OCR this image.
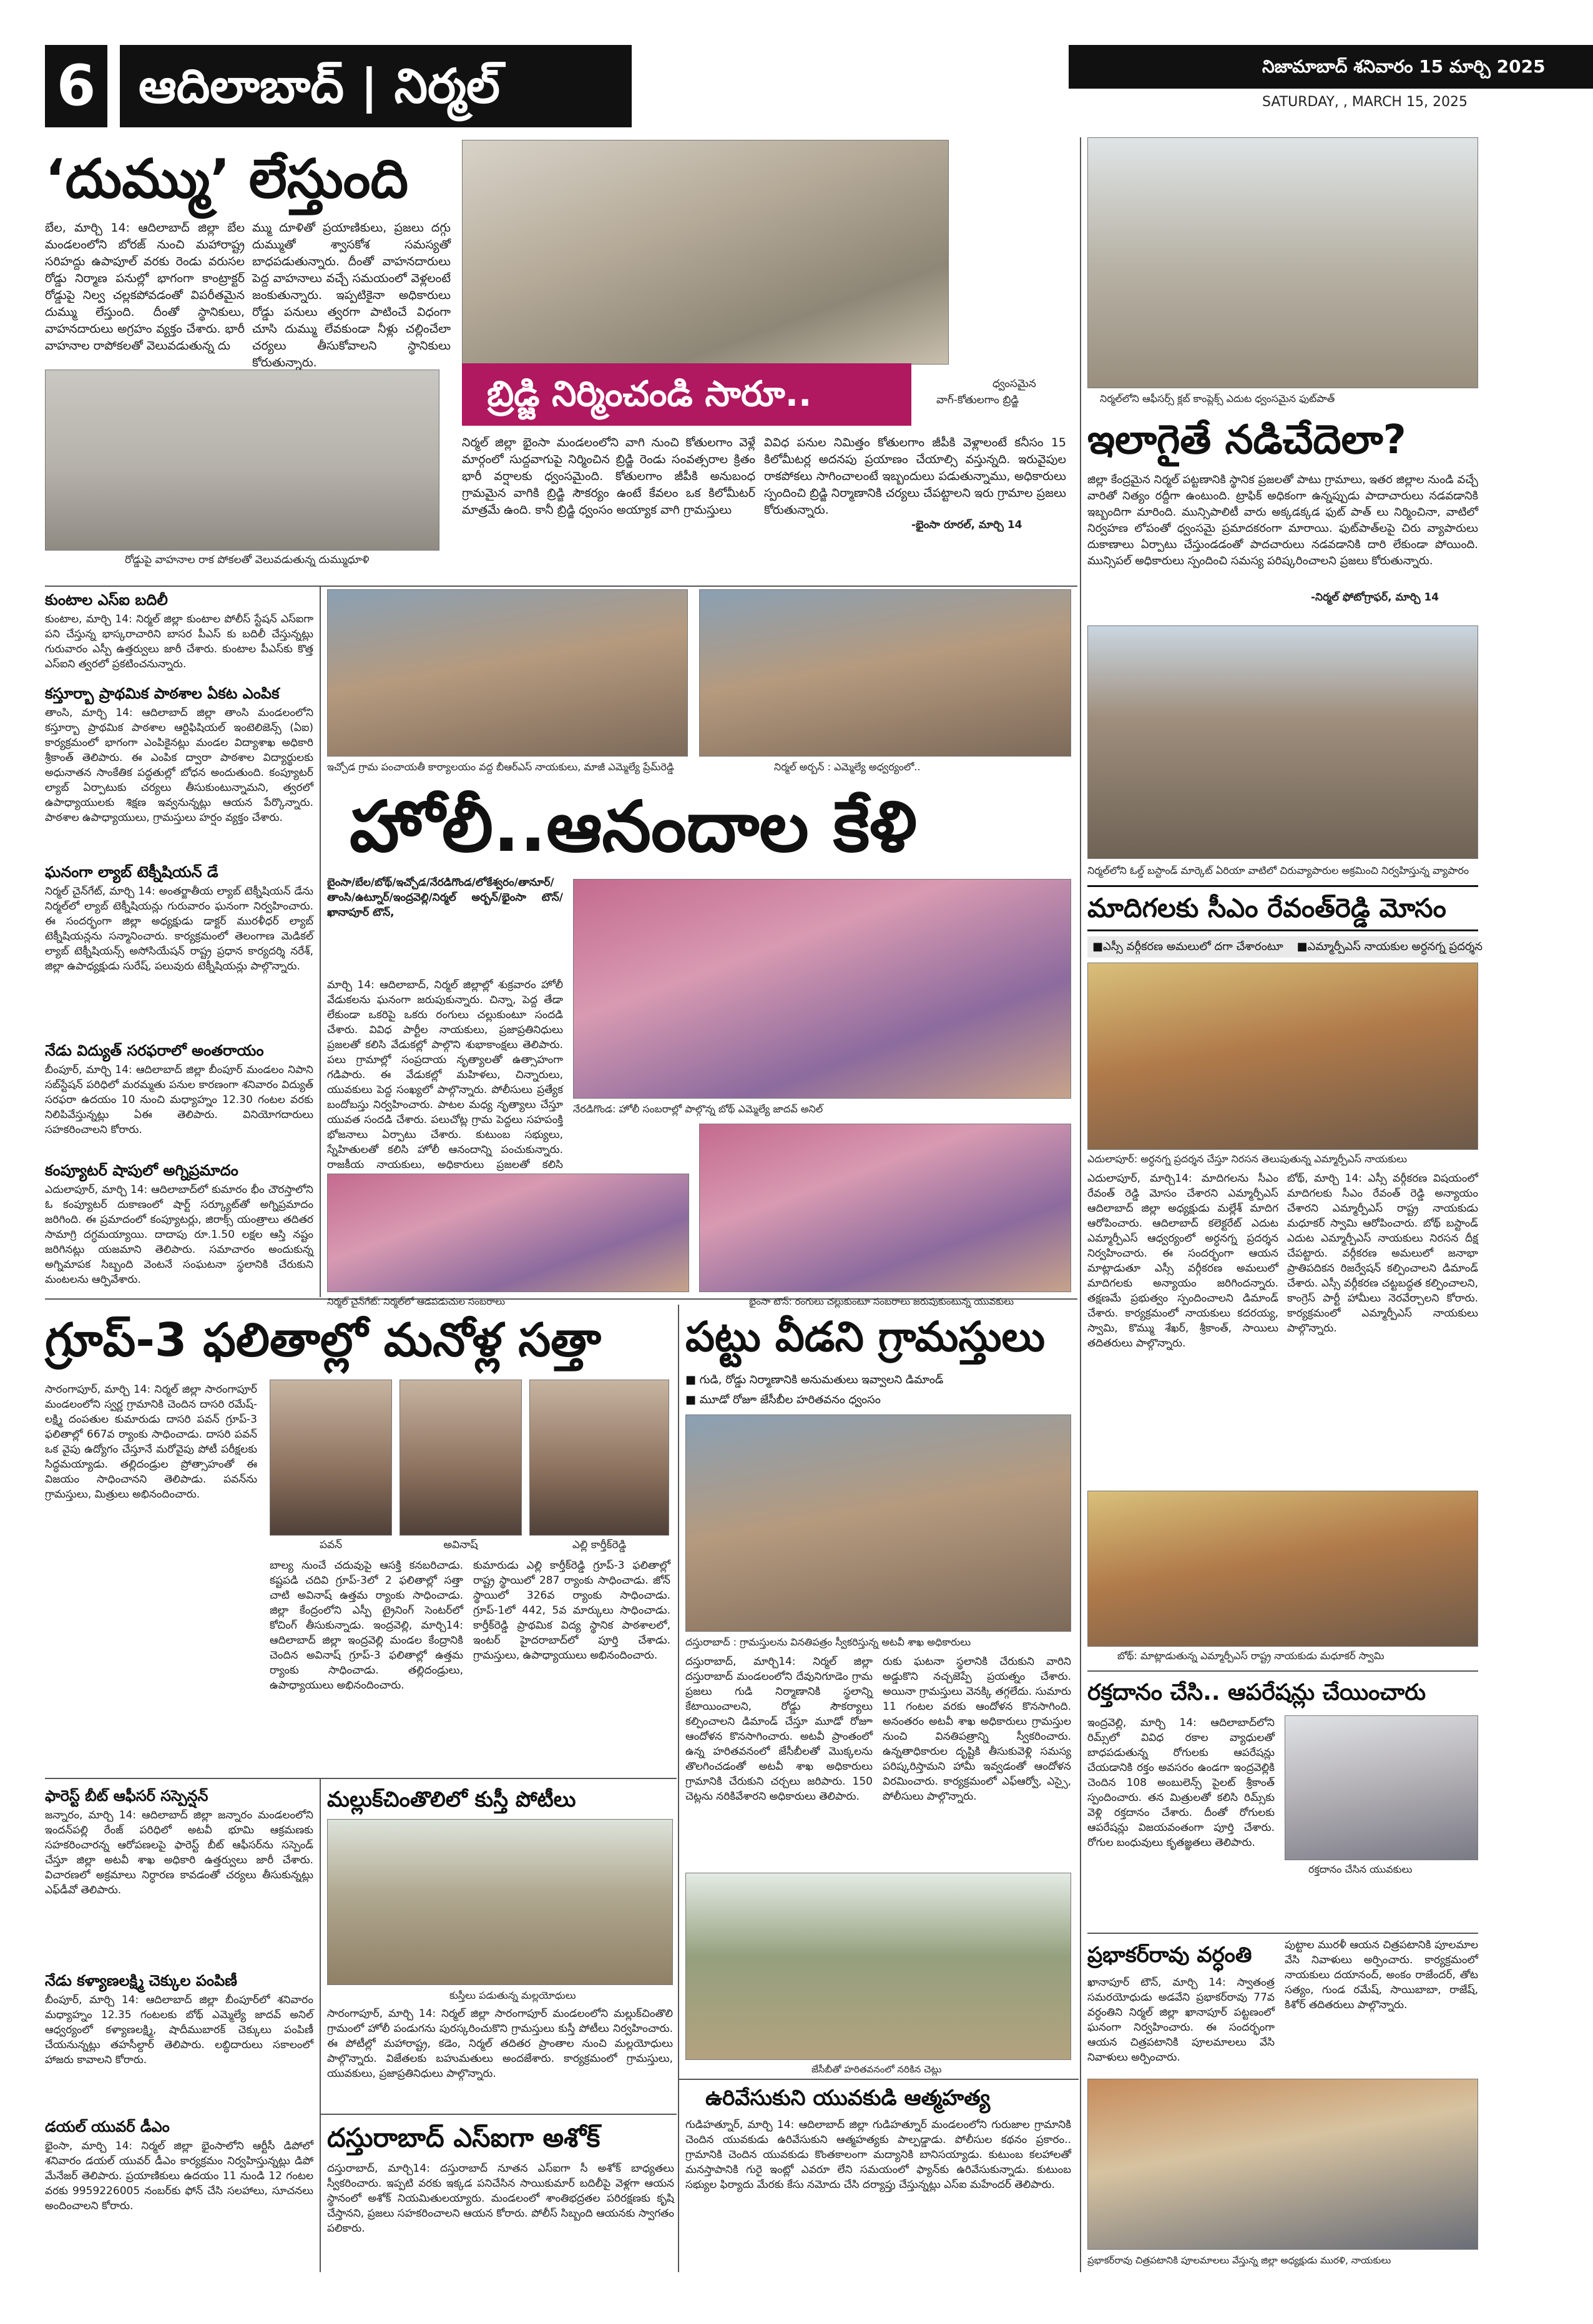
6 ఆదిలాబాద్ | నిర్మల్	నిజామాబాద్ శనివారం 15 మార్చి 2025
SATURDAY, , MARCH 15, 2025
‘దుమ్ము’ లేస్తుంది
బేల, మార్చి 14: ఆదిలాబాద్ జిల్లా బేల మండలంలోని బోరజ్ నుంచి మహారాష్ట్ర సరిహద్దు ఉపాపూల్ వరకు రెండు వరుసల రోడ్డు నిర్మాణ పనుల్లో భాగంగా కాంట్రాక్టర్ రోడ్డుపై నిల్వ చల్లకపోవడంతో విపరీతమైన దుమ్ము లేస్తుంది. దీంతో స్థానికులు, వాహనదారులు అగ్రహం వ్యక్తం చేశారు. భారీ వాహనాల రాపోకలతో వెలువడుతున్న దు
మ్ము దూళితో ప్రయాణికులు, ప్రజలు దగ్గు దుమ్ముతో శ్వాసకోశ సమస్యతో బాధపడుతున్నారు. దీంతో వాహనదారులు పెద్ద వాహనాలు వచ్చే సమయంలో వెళ్లలంటే జంకుతున్నారు. ఇప్పటికైనా అధికారులు రోడ్డు పనులు త్వరగా పాటించే విధంగా చూసి దుమ్ము లేవకుండా నీళ్లు చల్లించేలా చర్యలు తీసుకోవాలని స్థానికులు కోరుతున్నారు.
రోడ్డుపై వాహనాల రాక పోకలతో వెలువడుతున్న దుమ్ముధూళి
బ్రిడ్జి నిర్మించండి సారూ..	ధ్వంసమైన
వాగ్-కోతులగాం బ్రిడ్జి
నిర్మల్ జిల్లా భైంసా మండలంలోని వాగి నుంచి కోతులగాం వెళ్లే మార్గంలో సుద్దవాగుపై నిర్మించిన బ్రిడ్జి రెండు సంవత్సరాల క్రితం భారీ వర్షాలకు ధ్వంసమైంది. కోతులగాం జీపీకి అనుబంధ గ్రామమైన వాగికి బ్రిడ్జి సౌకర్యం ఉంటే కేవలం ఒక కిలోమీటర్ మాత్రమే ఉంది. కానీ బ్రిడ్జి ధ్వంసం అయ్యాక వాగి గ్రామస్తులు
వివిధ పనుల నిమిత్తం కోతులగాం జీపీకి వెళ్లాలంటే కనీసం 15 కిలోమీటర్ల అదనపు ప్రయాణం చేయాల్సి వస్తున్నది. ఇరువైపుల రాకపోకలు సాగించాలంటే ఇబ్బందులు పడుతున్నాము, అధికారులు స్పందించి బ్రిడ్జి నిర్మాణానికి చర్యలు చేపట్టాలని ఇరు గ్రామాల ప్రజలు కోరుతున్నారు.
-భైంసా రూరల్, మార్చి 14
నిర్మల్‌లోని ఆఫీసర్స్ క్లబ్ కాంప్లెక్స్ ఎదుట ధ్వంసమైన ఫుట్‌పాత్
ఇలాగైతే నడిచేదెలా?
జిల్లా కేంద్రమైన నిర్మల్ పట్టణానికి స్థానిక ప్రజలతో పాటు గ్రామాలు, ఇతర జిల్లాల నుండి వచ్చే వారితో నిత్యం రద్దీగా ఉంటుంది. ట్రాఫిక్ అధికంగా ఉన్నప్పుడు పాదాచారులు నడవడానికి ఇబ్బందిగా మారింది. మున్సిపాలిటీ వారు అక్కడక్కడ ఫుట్ పాత్ లు నిర్మించినా, వాటిలో నిర్వహణ లోపంతో ధ్వంసమై ప్రమాదకరంగా మారాయి. ఫుట్‌పాత్‌లపై చిరు వ్యాపారులు దుకాణాలు ఏర్పాటు చేస్తుండడంతో పాదచారులు నడవడానికి దారి లేకుండా పోయింది. మున్సిపల్ అధికారులు స్పందించి సమస్య పరిష్కరించాలని ప్రజలు కోరుతున్నారు.
-నిర్మల్ ఫోటోగ్రాఫర్, మార్చి 14
నిర్మల్‌లోని ఓల్డ్ బస్టాండ్ మార్కెట్ ఏరియా వాటిలో చిరువ్యాపారుల అక్రమించి నిర్వహిస్తున్న వ్యాపారం
కుంటాల ఎస్ఐ బదిలీ
కుంటాల, మార్చి 14: నిర్మల్ జిల్లా కుంటాల పోలీస్ స్టేషన్ ఎస్ఐగా పని చేస్తున్న భాస్కరాచారిని బాసర పీఎస్ కు బదిలీ చేస్తున్నట్లు గురువారం ఎస్పీ ఉత్తర్వులు జారీ చేశారు. కుంటాల పీఎస్‌కు కొత్త ఎస్ఐని త్వరలో ప్రకటించనున్నారు.
కస్తూర్బా ప్రాథమిక పాఠశాల ఏకట ఎంపిక
తాంసి, మార్చి 14: ఆదిలాబాద్ జిల్లా తాంసి మండలంలోని కస్తూర్బా ప్రాథమిక పాఠశాల ఆర్టిఫిషియల్ ఇంటెలిజెన్స్ (ఏఐ) కార్యక్రమంలో భాగంగా ఎంపికైనట్లు మండల విద్యాశాఖ అధికారి శ్రీకాంత్ తెలిపారు. ఈ ఎంపిక ద్వారా పాఠశాల విద్యార్థులకు అధునాతన సాంకేతిక పద్ధతుల్లో బోధన అందుతుంది. కంప్యూటర్ ల్యాబ్ ఏర్పాటుకు చర్యలు తీసుకుంటున్నామని, త్వరలో ఉపాధ్యాయులకు శిక్షణ ఇవ్వనున్నట్లు ఆయన పేర్కొన్నారు. పాఠశాల ఉపాధ్యాయులు, గ్రామస్తులు హర్షం వ్యక్తం చేశారు.
ఘనంగా ల్యాబ్ టెక్నీషియన్ డే
నిర్మల్ చైన్‌గేట్, మార్చి 14: అంతర్జాతీయ ల్యాబ్ టెక్నీషియన్ డేను నిర్మల్‌లో ల్యాబ్ టెక్నీషియన్లు గురువారం ఘనంగా నిర్వహించారు. ఈ సందర్భంగా జిల్లా అధ్యక్షుడు డాక్టర్ మురళీధర్ ల్యాబ్ టెక్నీషియన్లను సన్మానించారు. కార్యక్రమంలో తెలంగాణ మెడికల్ ల్యాబ్ టెక్నీషియన్స్ అసోసియేషన్ రాష్ట్ర ప్రధాన కార్యదర్శి నరేశ్, జిల్లా ఉపాధ్యక్షుడు సురేష్, పలువురు టెక్నీషియన్లు పాల్గొన్నారు.
నేడు విద్యుత్ సరఫరాలో అంతరాయం
బీంపూర్, మార్చి 14: ఆదిలాబాద్ జిల్లా బీంపూర్ మండలం నిపాని సబ్‌స్టేషన్ పరిధిలో మరమ్మతు పనుల కారణంగా శనివారం విద్యుత్ సరఫరా ఉదయం 10 నుంచి మధ్యాహ్నం 12.30 గంటల వరకు నిలిపివేస్తున్నట్లు ఏఈ తెలిపారు. వినియోగదారులు సహకరించాలని కోరారు.
కంప్యూటర్ షాపులో అగ్నిప్రమాదం
ఎదులాపూర్, మార్చి 14: ఆదిలాబాద్‌లో కుమారం భీం చౌరస్తాలోని ఓ కంప్యూటర్ దుకాణంలో షార్ట్ సర్క్యూట్‌తో అగ్నిప్రమాదం జరిగింది. ఈ ప్రమాదంలో కంప్యూటర్లు, జిరాక్స్ యంత్రాలు తదితర సామాగ్రి దగ్ధమయ్యాయి. దాదాపు రూ.1.50 లక్షల ఆస్తి నష్టం జరిగినట్లు యజమాని తెలిపారు. సమాచారం అందుకున్న అగ్నిమాపక సిబ్బంది వెంటనే సంఘటనా స్థలానికి చేరుకుని మంటలను ఆర్పివేశారు.
ఇచ్చోడ గ్రామ పంచాయతీ కార్యాలయం వద్ద బీఆర్ఎస్ నాయకులు, మాజీ ఎమ్మెల్యే ప్రేమ్‌రెడ్డి	నిర్మల్ అర్బన్ : ఎమ్మెల్యే అధ్వర్యంలో..
హోలీ..ఆనందాల కేళి
బైంసా/బేల/బోథ్/ఇచ్చోడ/నేరడిగొండ/లోకేశ్వరం/తానూర్/తాంసి/ఉట్నూర్/ఇంద్రవెల్లి/నిర్మల్ అర్బన్/భైంసా టౌన్/ఖానాపూర్ టౌన్,
మార్చి 14: ఆదిలాబాద్, నిర్మల్ జిల్లాల్లో శుక్రవారం హోలీ వేడుకలను ఘనంగా జరుపుకున్నారు. చిన్నా, పెద్ద తేడా లేకుండా ఒకరిపై ఒకరు రంగులు చల్లుకుంటూ సందడి చేశారు. వివిధ పార్టీల నాయకులు, ప్రజాప్రతినిధులు ప్రజలతో కలిసి వేడుకల్లో పాల్గొని శుభాకాంక్షలు తెలిపారు. పలు గ్రామాల్లో సంప్రదాయ నృత్యాలతో ఉత్సాహంగా గడిపారు. ఈ వేడుకల్లో మహిళలు, చిన్నారులు, యువకులు పెద్ద సంఖ్యలో పాల్గొన్నారు. పోలీసులు ప్రత్యేక బందోబస్తు నిర్వహించారు. పాటల మధ్య నృత్యాలు చేస్తూ యువత సందడి చేశారు. పలుచోట్ల గ్రామ పెద్దలు సహపంక్తి భోజనాలు ఏర్పాటు చేశారు. కుటుంబ సభ్యులు, స్నేహితులతో కలిసి హోలీ ఆనందాన్ని పంచుకున్నారు. రాజకీయ నాయకులు, అధికారులు ప్రజలతో కలిసి
నేరడిగొండ: హోలీ సంబరాల్లో పాల్గొన్న బోథ్ ఎమ్మెల్యే జాదవ్ అనిల్
నిర్మల్ చైన్‌గేట్: నిర్మల్‌లో ఆడపడుచుల సంబరాలు	భైంసా టౌన్: రంగులు చల్లుకుంటూ సంబరాలు జరుపుకుంటున్న యువకులు
మాదిగలకు సీఎం రేవంత్‌రెడ్డి మోసం
■ ఎస్సీ వర్గీకరణ అమలులో దగా చేశారంటూ ■ ఎమ్మార్పీఎస్ నాయకుల అర్ధనగ్న ప్రదర్శన
ఎదులాపూర్: అర్ధనగ్న ప్రదర్శన చేస్తూ నిరసన తెలుపుతున్న ఎమ్మార్పీఎస్ నాయకులు
ఎదులాపూర్, మార్చి14: మాదిగలను సీఎం రేవంత్ రెడ్డి మోసం చేశారని ఎమ్మార్పీఎస్ ఆదిలాబాద్ జిల్లా అధ్యక్షుడు మల్లేశ్ మాదిగ ఆరోపించారు. ఆదిలాబాద్ కలెక్టరేట్ ఎదుట ఎమ్మార్పీఎస్ ఆధ్వర్యంలో అర్ధనగ్న ప్రదర్శన నిర్వహించారు. ఈ సందర్భంగా ఆయన మాట్లాడుతూ ఎస్సీ వర్గీకరణ అమలులో మాదిగలకు అన్యాయం జరిగిందన్నారు. తక్షణమే ప్రభుత్వం స్పందించాలని డిమాండ్ చేశారు. కార్యక్రమంలో నాయకులు కదరయ్య, స్వామి, కొమ్ము శేఖర్, శ్రీకాంత్, సాయిలు తదితరులు పాల్గొన్నారు.
బోథ్, మార్చి 14: ఎస్సీ వర్గీకరణ విషయంలో మాదిగలకు సీఎం రేవంత్ రెడ్డి అన్యాయం చేశారని ఎమ్మార్పీఎస్ రాష్ట్ర నాయకుడు మధూకర్ స్వామి ఆరోపించారు. బోథ్ బస్టాండ్ ఎదుట ఎమ్మార్పీఎస్ నాయకులు నిరసన దీక్ష చేపట్టారు. వర్గీకరణ అమలులో జనాభా ప్రాతిపదికన రిజర్వేషన్ కల్పించాలని డిమాండ్ చేశారు. ఎస్సీ వర్గీకరణ చట్టబద్ధత కల్పించాలని, కాంగ్రెస్ పార్టీ హామీలు నెరవేర్చాలని కోరారు. కార్యక్రమంలో ఎమ్మార్పీఎస్ నాయకులు పాల్గొన్నారు.
బోథ్: మాట్లాడుతున్న ఎమ్మార్పీఎస్ రాష్ట్ర నాయకుడు మధూకర్ స్వామి
గ్రూప్-3 ఫలితాల్లో మనోళ్ల సత్తా
సారంగాపూర్, మార్చి 14: నిర్మల్ జిల్లా సారంగాపూర్ మండలంలోని స్వర్ణ గ్రామానికి చెందిన దాసరి రమేష్-లక్ష్మి దంపతుల కుమారుడు దాసరి పవన్ గ్రూప్-3 ఫలితాల్లో 667వ ర్యాంకు సాధించాడు. దాసరి పవన్ ఒక వైపు ఉద్యోగం చేస్తూనే మరోవైపు పోటీ పరీక్షలకు సిద్ధమయ్యాడు. తల్లిదండ్రుల ప్రోత్సాహంతో ఈ విజయం సాధించానని తెలిపాడు. పవన్‌ను గ్రామస్తులు, మిత్రులు అభినందించారు.
పవన్	అవినాష్	ఎల్లి కార్తీక్‌రెడ్డి
బాల్య నుంచే చదువుపై ఆసక్తి కనబరిచాడు. కష్టపడి చదివి గ్రూప్-3లో 2 ఫలితాల్లో సత్తా చాటి అవినాష్ ఉత్తమ ర్యాంకు సాధించాడు. జిల్లా కేంద్రంలోని ఎస్పీ ట్రైనింగ్ సెంటర్‌లో కోచింగ్ తీసుకున్నాడు. ఇంద్రవెల్లి, మార్చి14: ఆదిలాబాద్ జిల్లా ఇంద్రవెల్లి మండల కేంద్రానికి చెందిన అవినాష్ గ్రూప్-3 ఫలితాల్లో ఉత్తమ ర్యాంకు సాధించాడు. తల్లిదండ్రులు, ఉపాధ్యాయులు అభినందించారు.
కుమారుడు ఎల్లి కార్తీక్‌రెడ్డి గ్రూప్-3 ఫలితాల్లో రాష్ట్ర స్థాయిలో 287 ర్యాంకు సాధించాడు. జోన్ స్థాయిలో 326వ ర్యాంకు సాధించాడు. గ్రూప్-1లో 442, 5వ మార్కులు సాధించాడు. కార్తీక్‌రెడ్డి ప్రాథమిక విద్య స్థానిక పాఠశాలలో, ఇంటర్ హైదరాబాద్‌లో పూర్తి చేశాడు. గ్రామస్తులు, ఉపాధ్యాయులు అభినందించారు.
ఫారెస్ట్ బీట్ ఆఫీసర్ సస్పెన్షన్
జన్నారం, మార్చి 14: ఆదిలాబాద్ జిల్లా జన్నారం మండలంలోని ఇందన్‌పల్లి రేంజ్ పరిధిలో అటవీ భూమి ఆక్రమణకు సహకరించారన్న ఆరోపణలపై ఫారెస్ట్ బీట్ ఆఫీసర్‌ను సస్పెండ్ చేస్తూ జిల్లా అటవీ శాఖ అధికారి ఉత్తర్వులు జారీ చేశారు. విచారణలో అక్రమాలు నిర్ధారణ కావడంతో చర్యలు తీసుకున్నట్లు ఎఫ్‌డీవో తెలిపారు.
నేడు కళ్యాణలక్ష్మి చెక్కుల పంపిణీ
బీంపూర్, మార్చి 14: ఆదిలాబాద్ జిల్లా బీంపూర్‌లో శనివారం మధ్యాహ్నం 12.35 గంటలకు బోథ్ ఎమ్మెల్యే జాదవ్ అనిల్ ఆధ్వర్యంలో కళ్యాణలక్ష్మి, షాదీముబారక్ చెక్కులు పంపిణీ చేయనున్నట్లు తహసీల్దార్ తెలిపారు. లబ్ధిదారులు సకాలంలో హాజరు కావాలని కోరారు.
డయల్ యువర్ డీఎం
భైంసా, మార్చి 14: నిర్మల్ జిల్లా భైంసాలోని ఆర్టీసీ డిపోలో శనివారం డయల్ యువర్ డీఎం కార్యక్రమం నిర్వహిస్తున్నట్లు డిపో మేనేజర్ తెలిపారు. ప్రయాణికులు ఉదయం 11 నుండి 12 గంటల వరకు 9959226005 నంబర్‌కు ఫోన్ చేసి సలహాలు, సూచనలు అందించాలని కోరారు.
మల్లుక్‌చింతొలిలో కుస్తీ పోటీలు
కుస్తీలు పడుతున్న మల్లయోధులు
సారంగాపూర్, మార్చి 14: నిర్మల్ జిల్లా సారంగాపూర్ మండలంలోని మల్లుక్‌చింతొలి గ్రామంలో హోలీ పండుగను పురస్కరించుకొని గ్రామస్తులు కుస్తీ పోటీలు నిర్వహించారు. ఈ పోటీల్లో మహారాష్ట్ర, కడెం, నిర్మల్ తదితర ప్రాంతాల నుంచి మల్లయోధులు పాల్గొన్నారు. విజేతలకు బహుమతులు అందజేశారు. కార్యక్రమంలో గ్రామస్తులు, యువకులు, ప్రజాప్రతినిధులు పాల్గొన్నారు.
దస్తురాబాద్ ఎస్ఐగా అశోక్
దస్తురాబాద్, మార్చి14: దస్తురాబాద్ నూతన ఎస్ఐగా సీ అశోక్ బాధ్యతలు స్వీకరించారు. ఇప్పటి వరకు ఇక్కడ పనిచేసిన సాయికుమార్ బదిలీపై వెళ్లగా ఆయన స్థానంలో అశోక్ నియమితులయ్యారు. మండలంలో శాంతిభద్రతల పరిరక్షణకు కృషి చేస్తానని, ప్రజలు సహకరించాలని ఆయన కోరారు. పోలీస్ సిబ్బంది ఆయనకు స్వాగతం పలికారు.
పట్టు వీడని గ్రామస్తులు
■ గుడి, రోడ్డు నిర్మాణానికి అనుమతులు ఇవ్వాలని డిమాండ్
■ మూడో రోజూ జేసీబీల హరితవనం ధ్వంసం
దస్తురాబాద్ : గ్రామస్తులను వినతిపత్రం స్వీకరిస్తున్న అటవీ శాఖ అధికారులు
దస్తురాబాద్, మార్చి14: నిర్మల్ జిల్లా దస్తురాబాద్ మండలంలోని దేవునిగూడెం గ్రామ ప్రజలు గుడి నిర్మాణానికి స్థలాన్ని కేటాయించాలని, రోడ్డు సౌకర్యాలు కల్పించాలని డిమాండ్ చేస్తూ మూడో రోజూ ఆందోళన కొనసాగించారు. అటవీ ప్రాంతంలో ఉన్న హరితవనంలో జేసీబీలతో మొక్కలను తొలగించడంతో అటవీ శాఖ అధికారులు గ్రామానికి చేరుకుని చర్చలు జరిపారు. 150 చెట్లను నరికివేశారని అధికారులు తెలిపారు.
రుకు ఘటనా స్థలానికి చేరుకుని వారిని అడ్డుకొని నచ్చజెప్పే ప్రయత్నం చేశారు. అయినా గ్రామస్తులు వెనక్కి తగ్గలేదు. సుమారు 11 గంటల వరకు ఆందోళన కొనసాగింది. అనంతరం అటవీ శాఖ అధికారులు గ్రామస్తుల నుంచి వినతిపత్రాన్ని స్వీకరించారు. ఉన్నతాధికారుల దృష్టికి తీసుకువెళ్లి సమస్య పరిష్కరిస్తామని హామీ ఇవ్వడంతో ఆందోళన విరమించారు. కార్యక్రమంలో ఎఫ్ఆర్వో, ఎస్సై, పోలీసులు పాల్గొన్నారు.
జేసీబీతో హరితవనంలో నరికిన చెట్లు
ఉరివేసుకుని యువకుడి ఆత్మహత్య
గుడిహత్నూర్, మార్చి 14: ఆదిలాబాద్ జిల్లా గుడిహత్నూర్ మండలంలోని గురుజాల గ్రామానికి చెందిన యువకుడు ఉరివేసుకుని ఆత్మహత్యకు పాల్పడ్డాడు. పోలీసుల కథనం ప్రకారం.. గ్రామానికి చెందిన యువకుడు కొంతకాలంగా మద్యానికి బానిసయ్యాడు. కుటుంబ కలహాలతో మనస్తాపానికి గురై ఇంట్లో ఎవరూ లేని సమయంలో ఫ్యాన్‌కు ఉరివేసుకున్నాడు. కుటుంబ సభ్యుల ఫిర్యాదు మేరకు కేసు నమోదు చేసి దర్యాప్తు చేస్తున్నట్లు ఎస్ఐ మహేందర్ తెలిపారు.
రక్తదానం చేసి.. ఆపరేషన్లు చేయించారు
ఇంద్రవెల్లి, మార్చి 14: ఆదిలాబాద్‌లోని రిమ్స్‌లో వివిధ రకాల వ్యాధులతో బాధపడుతున్న రోగులకు ఆపరేషన్లు చేయడానికి రక్తం అవసరం ఉండగా ఇంద్రవెల్లికి చెందిన 108 అంబులెన్స్ పైలట్ శ్రీకాంత్ స్పందించారు. తన మిత్రులతో కలిసి రిమ్స్‌కు వెళ్లి రక్తదానం చేశారు. దీంతో రోగులకు ఆపరేషన్లు విజయవంతంగా పూర్తి చేశారు. రోగుల బంధువులు కృతజ్ఞతలు తెలిపారు.
రక్తదానం చేసిన యువకులు
ప్రభాకర్‌రావు వర్ధంతి
ఖానాపూర్ టౌన్, మార్చి 14: స్వాతంత్ర సమరయోధుడు అడవేని ప్రభాకర్‌రావు 77వ వర్ధంతిని నిర్మల్ జిల్లా ఖానాపూర్ పట్టణంలో ఘనంగా నిర్వహించారు. ఈ సందర్భంగా ఆయన చిత్రపటానికి పూలమాలలు వేసి నివాళులు అర్పించారు.
పుట్టాల మురళీ ఆయన చిత్రపటానికి పూలమాల వేసి నివాళులు అర్పించారు. కార్యక్రమంలో నాయకులు దయానంద్, అంకం రాజేందర్, తోట సత్యం, గుండ రమేష్, సాయిబాబా, రాజేష్, కిశోర్ తదితరులు పాల్గొన్నారు.
ప్రభాకర్‌రావు చిత్రపటానికి పూలమాలలు వేస్తున్న జిల్లా అధ్యక్షుడు మురళి, నాయకులు
